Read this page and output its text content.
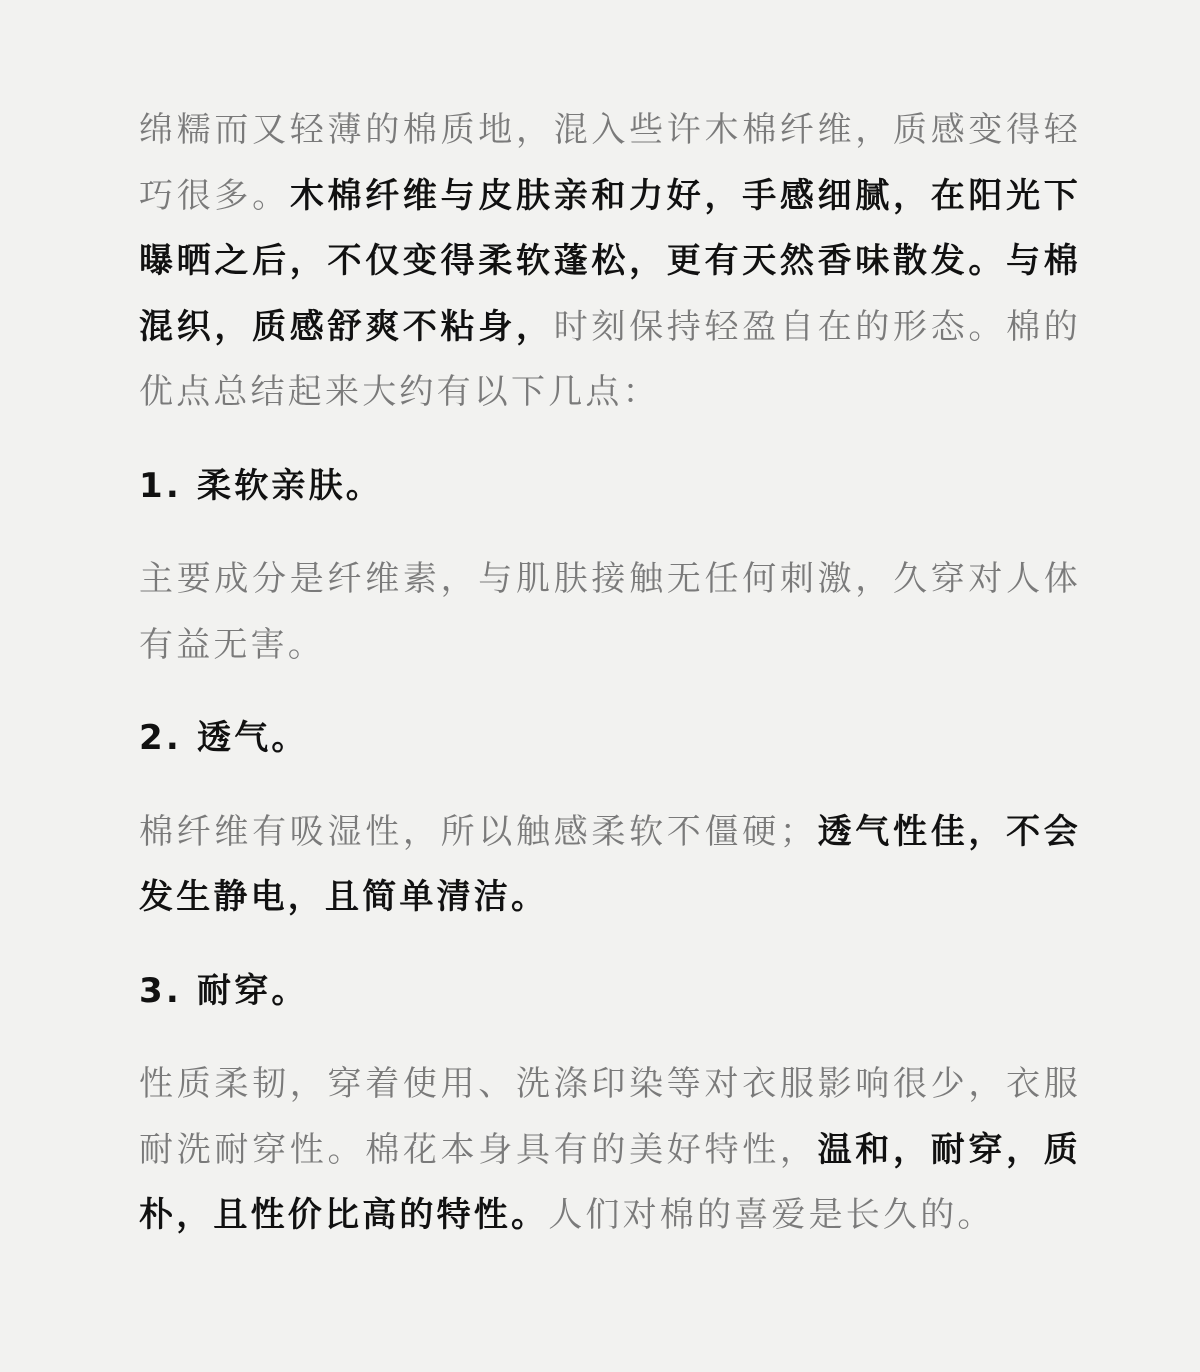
绵糯而又轻薄的棉质地，混入些许木棉纤维，质感变得轻巧很多。木棉纤维与皮肤亲和力好，手感细腻，在阳光下曝晒之后，不仅变得柔软蓬松，更有天然香味散发。与棉混织，质感舒爽不粘身，时刻保持轻盈自在的形态。棉的优点总结起来大约有以下几点：

1. 柔软亲肤。

主要成分是纤维素，与肌肤接触无任何刺激，久穿对人体有益无害。

2. 透气。

棉纤维有吸湿性，所以触感柔软不僵硬；透气性佳，不会发生静电，且简单清洁。

3. 耐穿。

性质柔韧，穿着使用、洗涤印染等对衣服影响很少，衣服耐洗耐穿性。棉花本身具有的美好特性，温和，耐穿，质朴，且性价比高的特性。人们对棉的喜爱是长久的。
